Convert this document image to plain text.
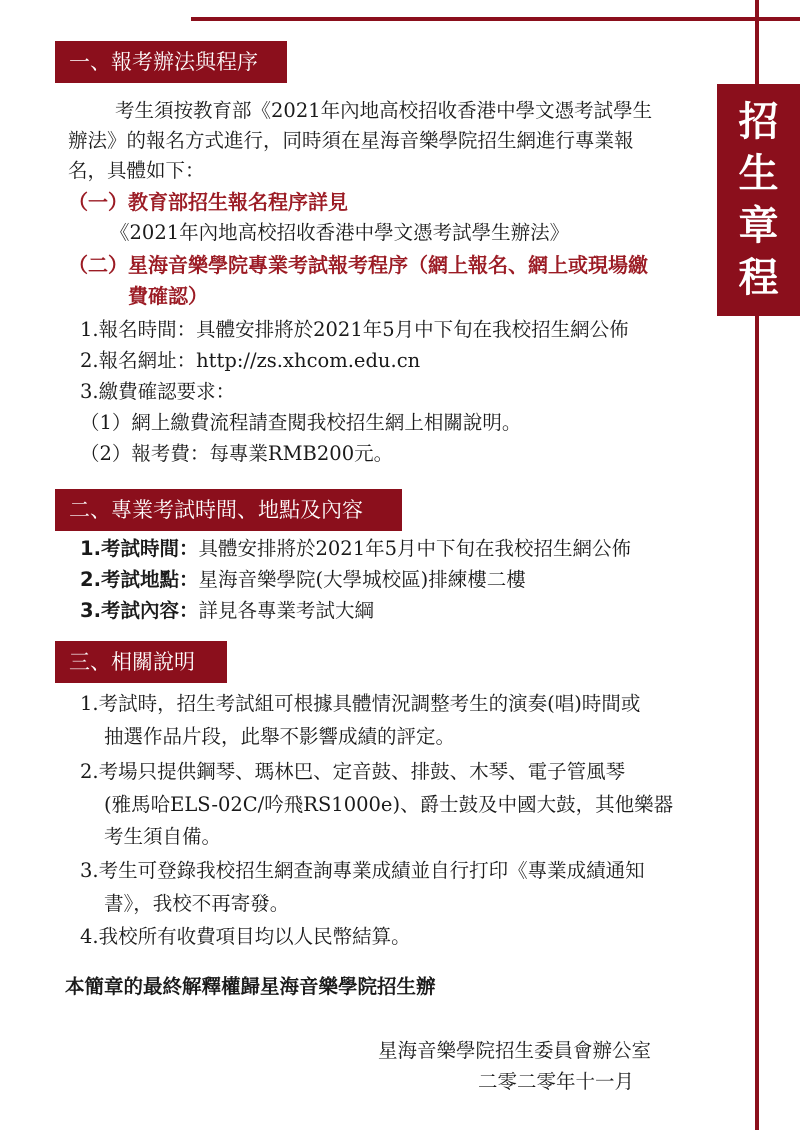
招
生
章
程
一、報考辦法與程序
考生須按教育部《2021年內地高校招收香港中學文憑考試學生
辦法》的報名方式進行，同時須在星海音樂學院招生網進行專業報
名，具體如下：
（一）教育部招生報名程序詳見
《2021年內地高校招收香港中學文憑考試學生辦法》
（二）星海音樂學院專業考試報考程序（網上報名、網上或現場繳
費確認）
1.報名時間：具體安排將於2021年5月中下旬在我校招生網公佈
2.報名網址：http://zs.xhcom.edu.cn
3.繳費確認要求：
（1）網上繳費流程請查閱我校招生網上相關說明。
（2）報考費：每專業RMB200元。
二、專業考試時間、地點及內容
1.考試時間：具體安排將於2021年5月中下旬在我校招生網公佈
2.考試地點：星海音樂學院(大學城校區)排練樓二樓
3.考試內容：詳見各專業考試大綱
三、相關說明
1.考試時，招生考試組可根據具體情況調整考生的演奏(唱)時間或
抽選作品片段，此舉不影響成績的評定。
2.考場只提供鋼琴、瑪林巴、定音鼓、排鼓、木琴、電子管風琴
(雅馬哈ELS-02C/吟飛RS1000e)、爵士鼓及中國大鼓，其他樂器
考生須自備。
3.考生可登錄我校招生網查詢專業成績並自行打印《專業成績通知
書》，我校不再寄發。
4.我校所有收費項目均以人民幣結算。
本簡章的最終解釋權歸星海音樂學院招生辦
星海音樂學院招生委員會辦公室
二零二零年十一月
